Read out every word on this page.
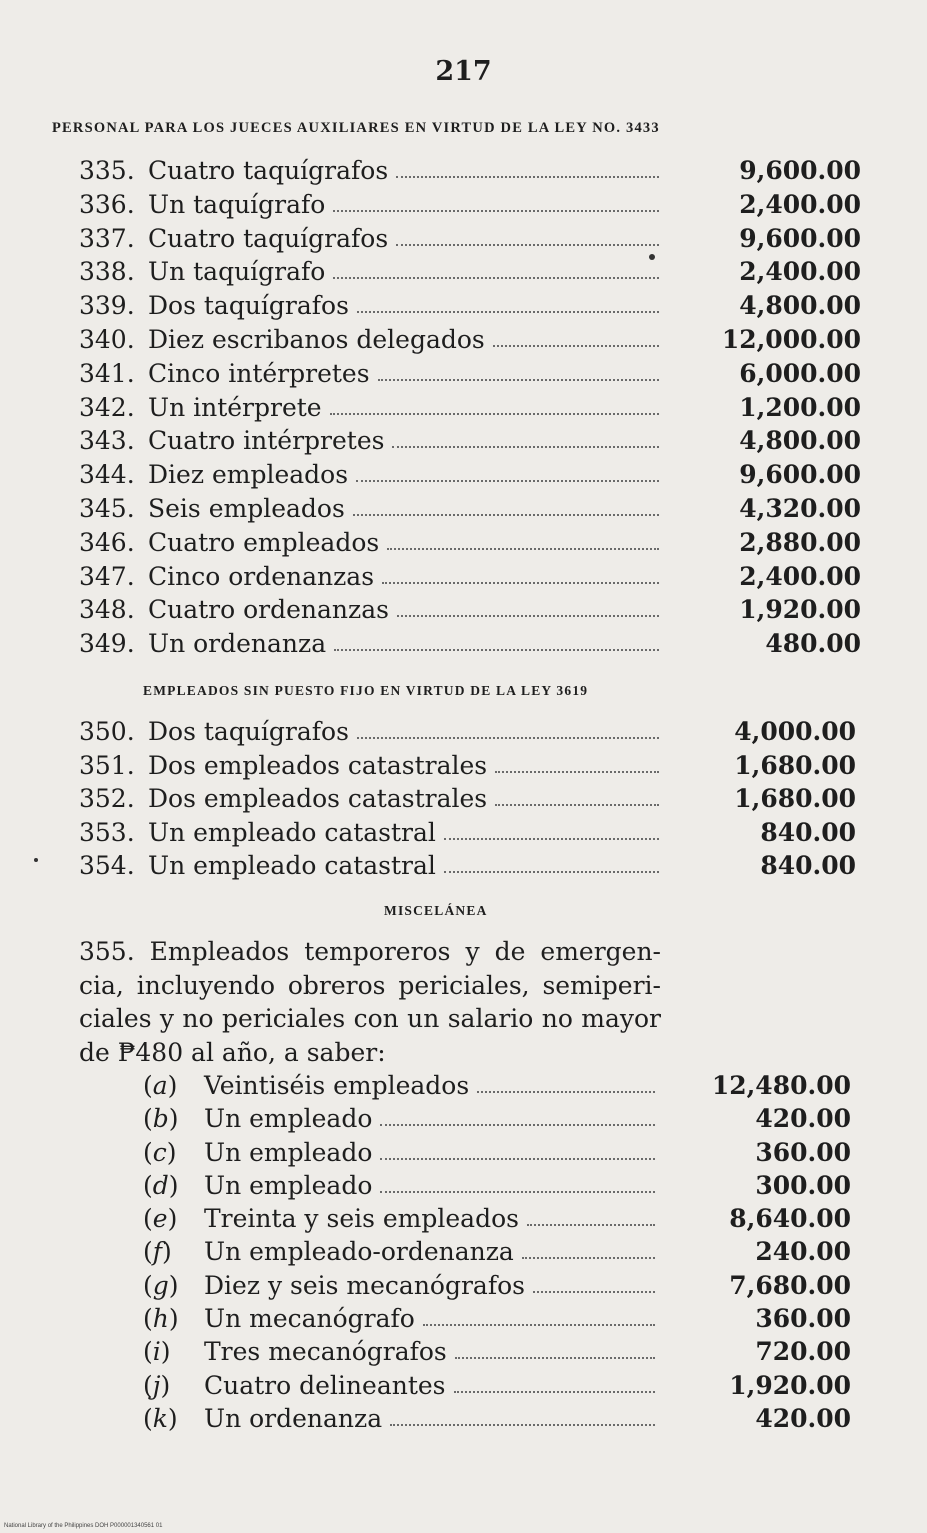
217
PERSONAL PARA LOS JUECES AUXILIARES EN VIRTUD DE LA LEY NO. 3433
335. Cuatro taquígrafos	9,600.00
336. Un taquígrafo	2,400.00
337. Cuatro taquígrafos	9,600.00
338. Un taquígrafo	2,400.00
339. Dos taquígrafos	4,800.00
340. Diez escribanos delegados	12,000.00
341. Cinco intérpretes	6,000.00
342. Un intérprete	1,200.00
343. Cuatro intérpretes	4,800.00
344. Diez empleados	9,600.00
345. Seis empleados	4,320.00
346. Cuatro empleados	2,880.00
347. Cinco ordenanzas	2,400.00
348. Cuatro ordenanzas	1,920.00
349. Un ordenanza	480.00
EMPLEADOS SIN PUESTO FIJO EN VIRTUD DE LA LEY 3619
350. Dos taquígrafos	4,000.00
351. Dos empleados catastrales	1,680.00
352. Dos empleados catastrales	1,680.00
353. Un empleado catastral	840.00
354. Un empleado catastral	840.00
MISCELÁNEA
355. Empleados temporeros y de emergen-
cia, incluyendo obreros periciales, semiperi-
ciales y no periciales con un salario no mayor
de ₱480 al año, a saber:
(a) Veintiséis empleados	12,480.00
(b) Un empleado	420.00
(c) Un empleado	360.00
(d) Un empleado	300.00
(e) Treinta y seis empleados	8,640.00
(f) Un empleado-ordenanza	240.00
(g) Diez y seis mecanógrafos	7,680.00
(h) Un mecanógrafo	360.00
(i) Tres mecanógrafos	720.00
(j) Cuatro delineantes	1,920.00
(k) Un ordenanza	420.00
National Library of the Philippines DOH P000001340561 01
